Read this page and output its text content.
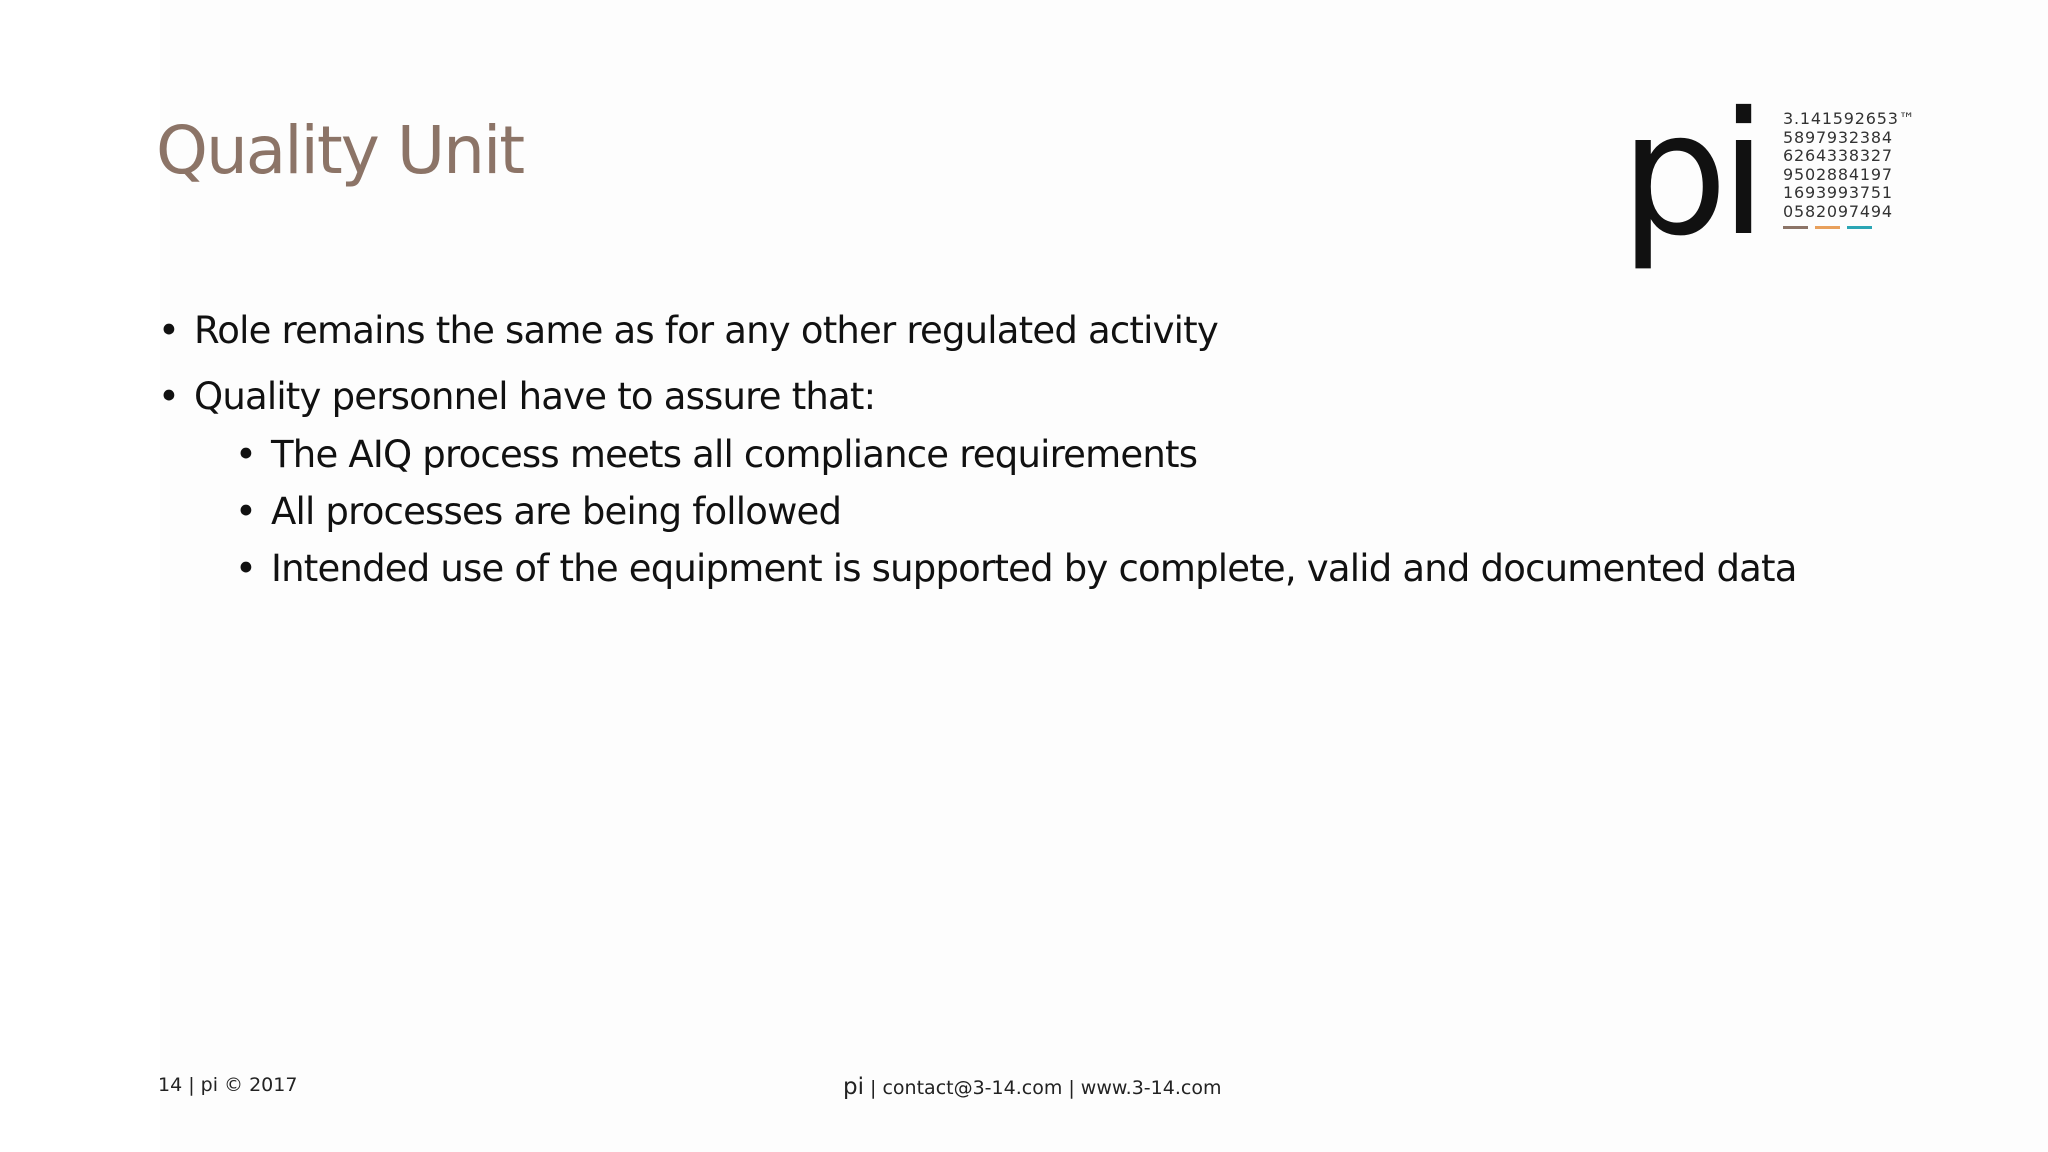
Quality Unit	pi 3.141592653™
5897932384
6264338327
9502884197
1693993751
0582097494
• Role remains the same as for any other regulated activity
• Quality personnel have to assure that:
• The AIQ process meets all compliance requirements
• All processes are being followed
• Intended use of the equipment is supported by complete, valid and documented data
14 | pi © 2017	pi | contact@3-14.com | www.3-14.com
